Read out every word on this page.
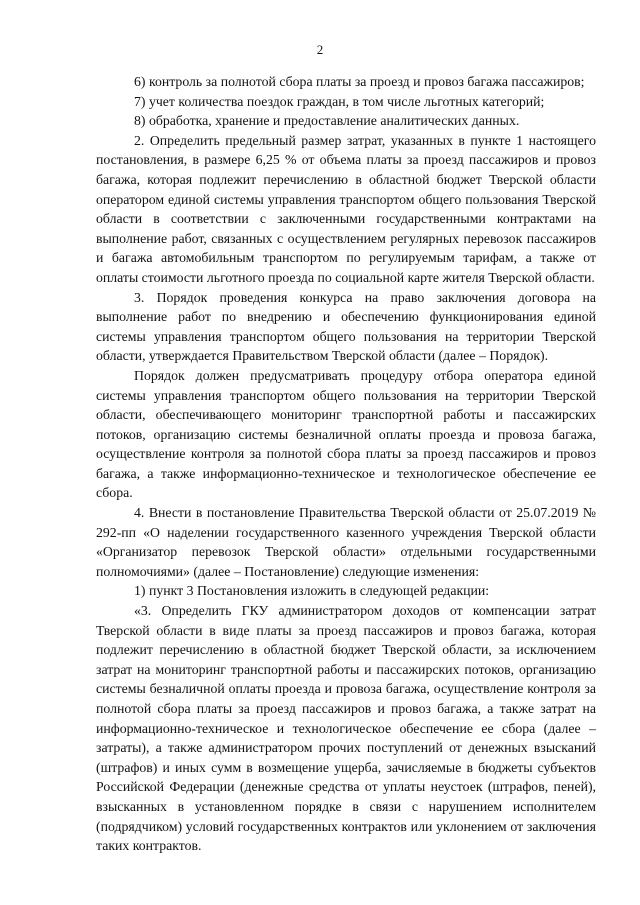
2

6) контроль за полнотой сбора платы за проезд и провоз багажа пассажиров;

7) учет количества поездок граждан, в том числе льготных категорий;

8) обработка, хранение и предоставление аналитических данных.

2. Определить предельный размер затрат, указанных в пункте 1 настоящего постановления, в размере 6,25 % от объема платы за проезд пассажиров и провоз багажа, которая подлежит перечислению в областной бюджет Тверской области оператором единой системы управления транспортом общего пользования Тверской области в соответствии с заключенными государственными контрактами на выполнение работ, связанных с осуществлением регулярных перевозок пассажиров и багажа автомобильным транспортом по регулируемым тарифам, а также от оплаты стоимости льготного проезда по социальной карте жителя Тверской области.

3. Порядок проведения конкурса на право заключения договора на выполнение работ по внедрению и обеспечению функционирования единой системы управления транспортом общего пользования на территории Тверской области, утверждается Правительством Тверской области (далее – Порядок).

Порядок должен предусматривать процедуру отбора оператора единой системы управления транспортом общего пользования на территории Тверской области, обеспечивающего мониторинг транспортной работы и пассажирских потоков, организацию системы безналичной оплаты проезда и провоза багажа, осуществление контроля за полнотой сбора платы за проезд пассажиров и провоз багажа, а также информационно-техническое и технологическое обеспечение ее сбора.

4. Внести в постановление Правительства Тверской области от 25.07.2019 № 292-пп «О наделении государственного казенного учреждения Тверской области «Организатор перевозок Тверской области» отдельными государственными полномочиями» (далее – Постановление) следующие изменения:

1) пункт 3 Постановления изложить в следующей редакции:

«3. Определить ГКУ администратором доходов от компенсации затрат Тверской области в виде платы за проезд пассажиров и провоз багажа, которая подлежит перечислению в областной бюджет Тверской области, за исключением затрат на мониторинг транспортной работы и пассажирских потоков, организацию системы безналичной оплаты проезда и провоза багажа, осуществление контроля за полнотой сбора платы за проезд пассажиров и провоз багажа, а также затрат на информационно-техническое и технологическое обеспечение ее сбора (далее – затраты), а также администратором прочих поступлений от денежных взысканий (штрафов) и иных сумм в возмещение ущерба, зачисляемые в бюджеты субъектов Российской Федерации (денежные средства от уплаты неустоек (штрафов, пеней), взысканных в установленном порядке в связи с нарушением исполнителем (подрядчиком) условий государственных контрактов или уклонением от заключения таких контрактов.
